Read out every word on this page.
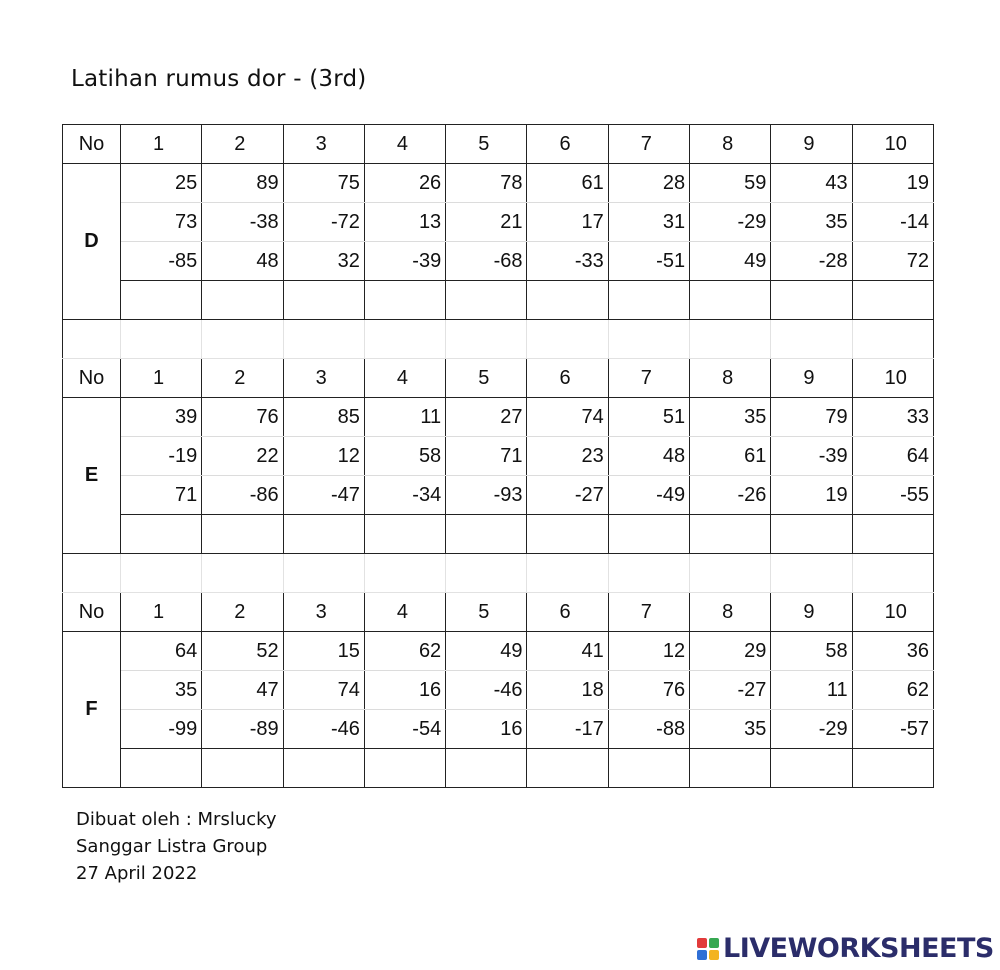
Latihan rumus dor - (3rd)
No	1	2	3	4	5	6	7	8	9	10
D	25	89	75	26	78	61	28	59	43	19
	73	-38	-72	13	21	17	31	-29	35	-14
	-85	48	32	-39	-68	-33	-51	49	-28	72

No	1	2	3	4	5	6	7	8	9	10
E	39	76	85	11	27	74	51	35	79	33
	-19	22	12	58	71	23	48	61	-39	64
	71	-86	-47	-34	-93	-27	-49	-26	19	-55

No	1	2	3	4	5	6	7	8	9	10
F	64	52	15	62	49	41	12	29	58	36
	35	47	74	16	-46	18	76	-27	11	62
	-99	-89	-46	-54	16	-17	-88	35	-29	-57

Dibuat oleh : Mrslucky
Sanggar Listra Group
27 April 2022
LIVEWORKSHEETS
